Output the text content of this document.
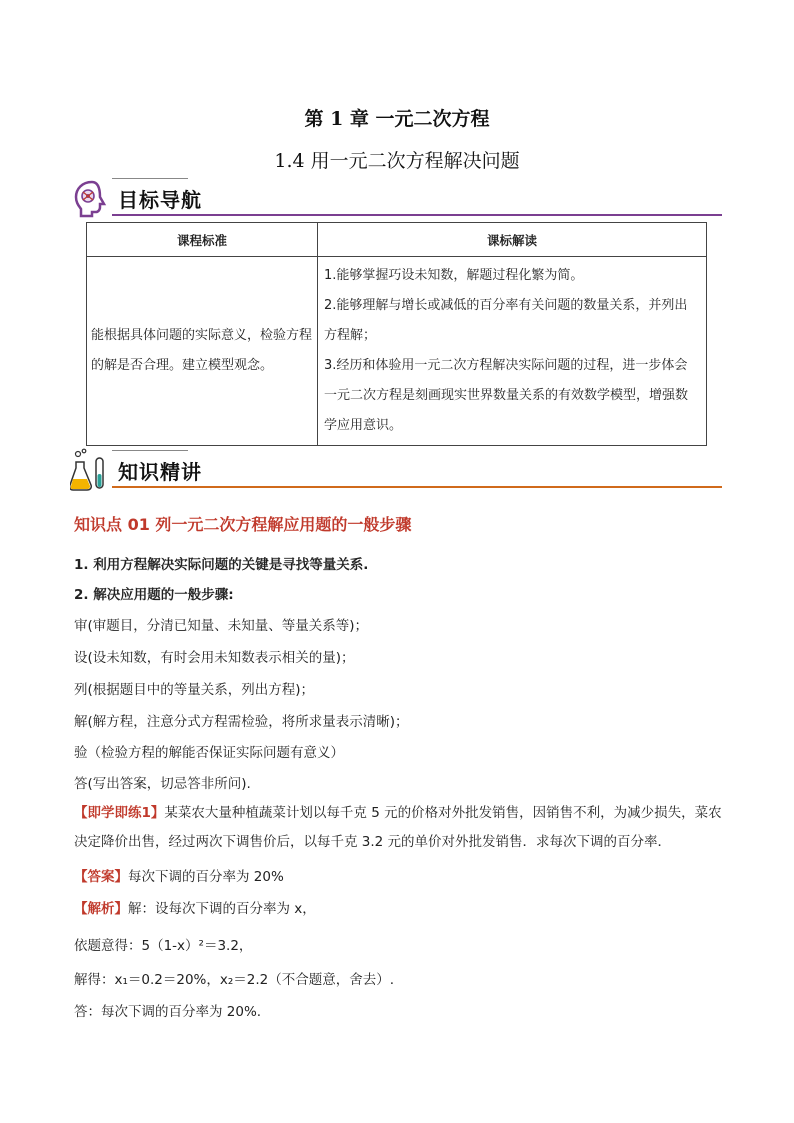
第 1 章 一元二次方程
1.4 用一元二次方程解决问题
目标导航
课程标准	课标解读
能根据具体问题的实际意义，检验方程的解是否合理。建立模型观念。	1.能够掌握巧设未知数，解题过程化繁为简。
2.能够理解与增长或减低的百分率有关问题的数量关系，并列出方程解；
3.经历和体验用一元二次方程解决实际问题的过程，进一步体会一元二次方程是刻画现实世界数量关系的有效数学模型，增强数学应用意识。
知识精讲
知识点 01 列一元二次方程解应用题的一般步骤
1. 利用方程解决实际问题的关键是寻找等量关系.
2. 解决应用题的一般步骤:
审(审题目，分清已知量、未知量、等量关系等)；
设(设未知数，有时会用未知数表示相关的量)；
列(根据题目中的等量关系，列出方程)；
解(解方程，注意分式方程需检验，将所求量表示清晰)；
验（检验方程的解能否保证实际问题有意义）
答(写出答案，切忌答非所问).
【即学即练1】某菜农大量种植蔬菜计划以每千克 5 元的价格对外批发销售，因销售不利，为减少损失，菜农决定降价出售，经过两次下调售价后，以每千克 3.2 元的单价对外批发销售．求每次下调的百分率．
【答案】每次下调的百分率为 20%
【解析】解：设每次下调的百分率为 x，
依题意得：5（1-x）²＝3.2，
解得：x₁＝0.2＝20%，x₂＝2.2（不合题意，舍去）.
答：每次下调的百分率为 20%.
